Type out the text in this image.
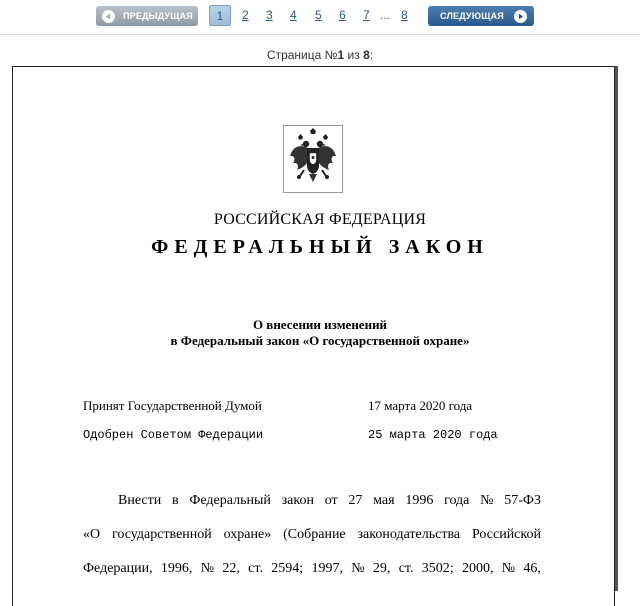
ПРЕДЫДУЩАЯ 1 2 3 4 5 6 7 ... 8	СЛЕДУЮЩАЯ
Страница №1 из 8:
РОССИЙСКАЯ ФЕДЕРАЦИЯ
ФЕДЕРАЛЬНЫЙ ЗАКОН
О внесении изменений
в Федеральный закон «О государственной охране»
Принят Государственной Думой	17 марта 2020 года
Одобрен Советом Федерации	25 марта 2020 года
Внести в Федеральный закон от 27 мая 1996 года № 57-ФЗ
«О государственной охране» (Собрание законодательства Российской
Федерации, 1996, № 22, ст. 2594; 1997, № 29, ст. 3502; 2000, № 46,
